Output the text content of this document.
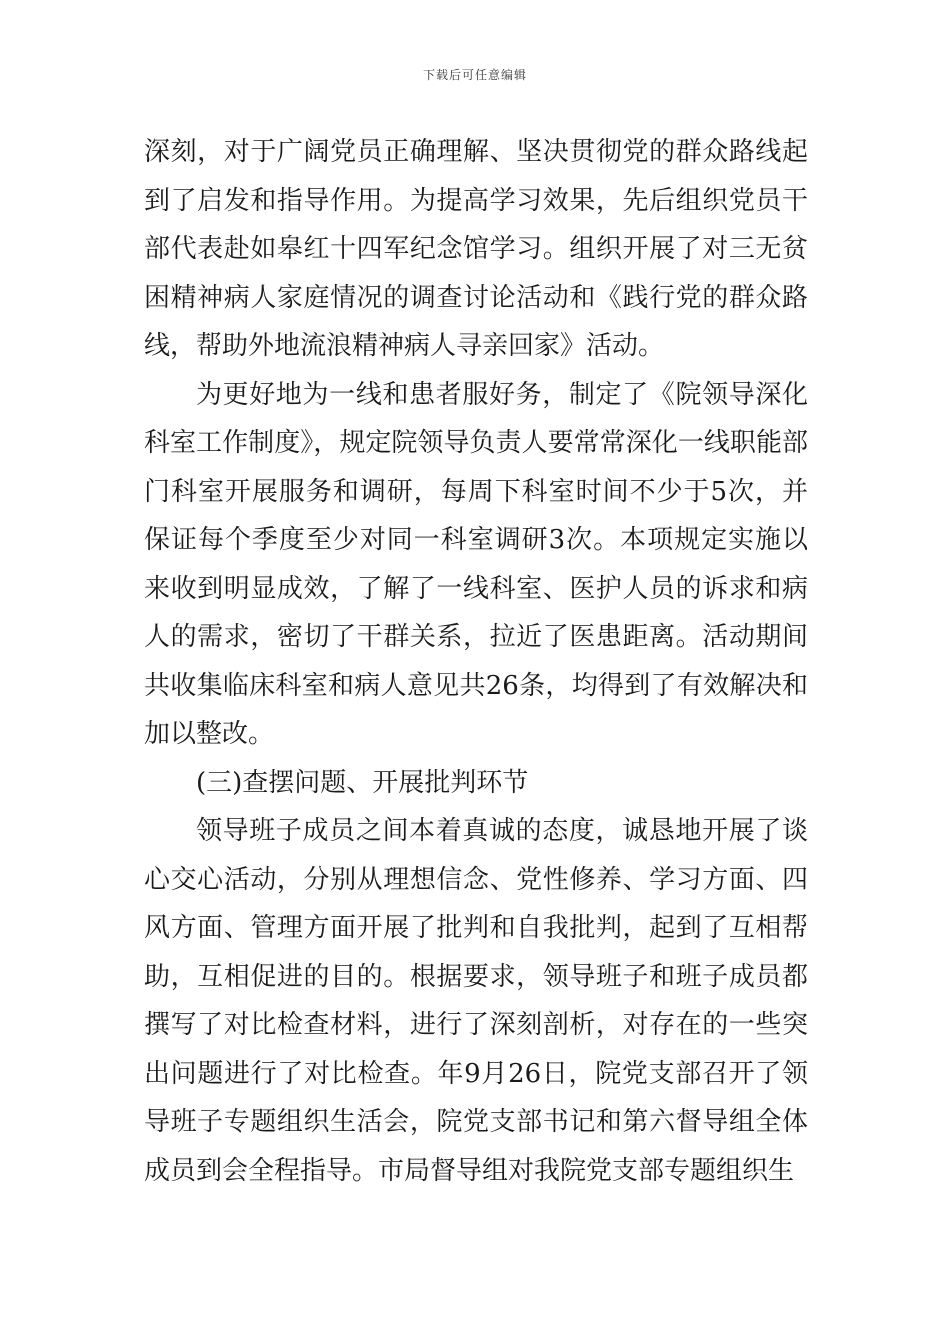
下载后可任意编辑

深刻，对于广阔党员正确理解、坚决贯彻党的群众路线起到了启发和指导作用。为提高学习效果，先后组织党员干部代表赴如皋红十四军纪念馆学习。组织开展了对三无贫困精神病人家庭情况的调查讨论活动和《践行党的群众路线，帮助外地流浪精神病人寻亲回家》活动。

为更好地为一线和患者服好务，制定了《院领导深化科室工作制度》，规定院领导负责人要常常深化一线职能部门科室开展服务和调研，每周下科室时间不少于5次，并保证每个季度至少对同一科室调研3次。本项规定实施以来收到明显成效，了解了一线科室、医护人员的诉求和病人的需求，密切了干群关系，拉近了医患距离。活动期间共收集临床科室和病人意见共26条，均得到了有效解决和加以整改。

(三)查摆问题、开展批判环节

领导班子成员之间本着真诚的态度，诚恳地开展了谈心交心活动，分别从理想信念、党性修养、学习方面、四风方面、管理方面开展了批判和自我批判，起到了互相帮助，互相促进的目的。根据要求，领导班子和班子成员都撰写了对比检查材料，进行了深刻剖析，对存在的一些突出问题进行了对比检查。年9月26日，院党支部召开了领导班子专题组织生活会，院党支部书记和第六督导组全体成员到会全程指导。市局督导组对我院党支部专题组织生
